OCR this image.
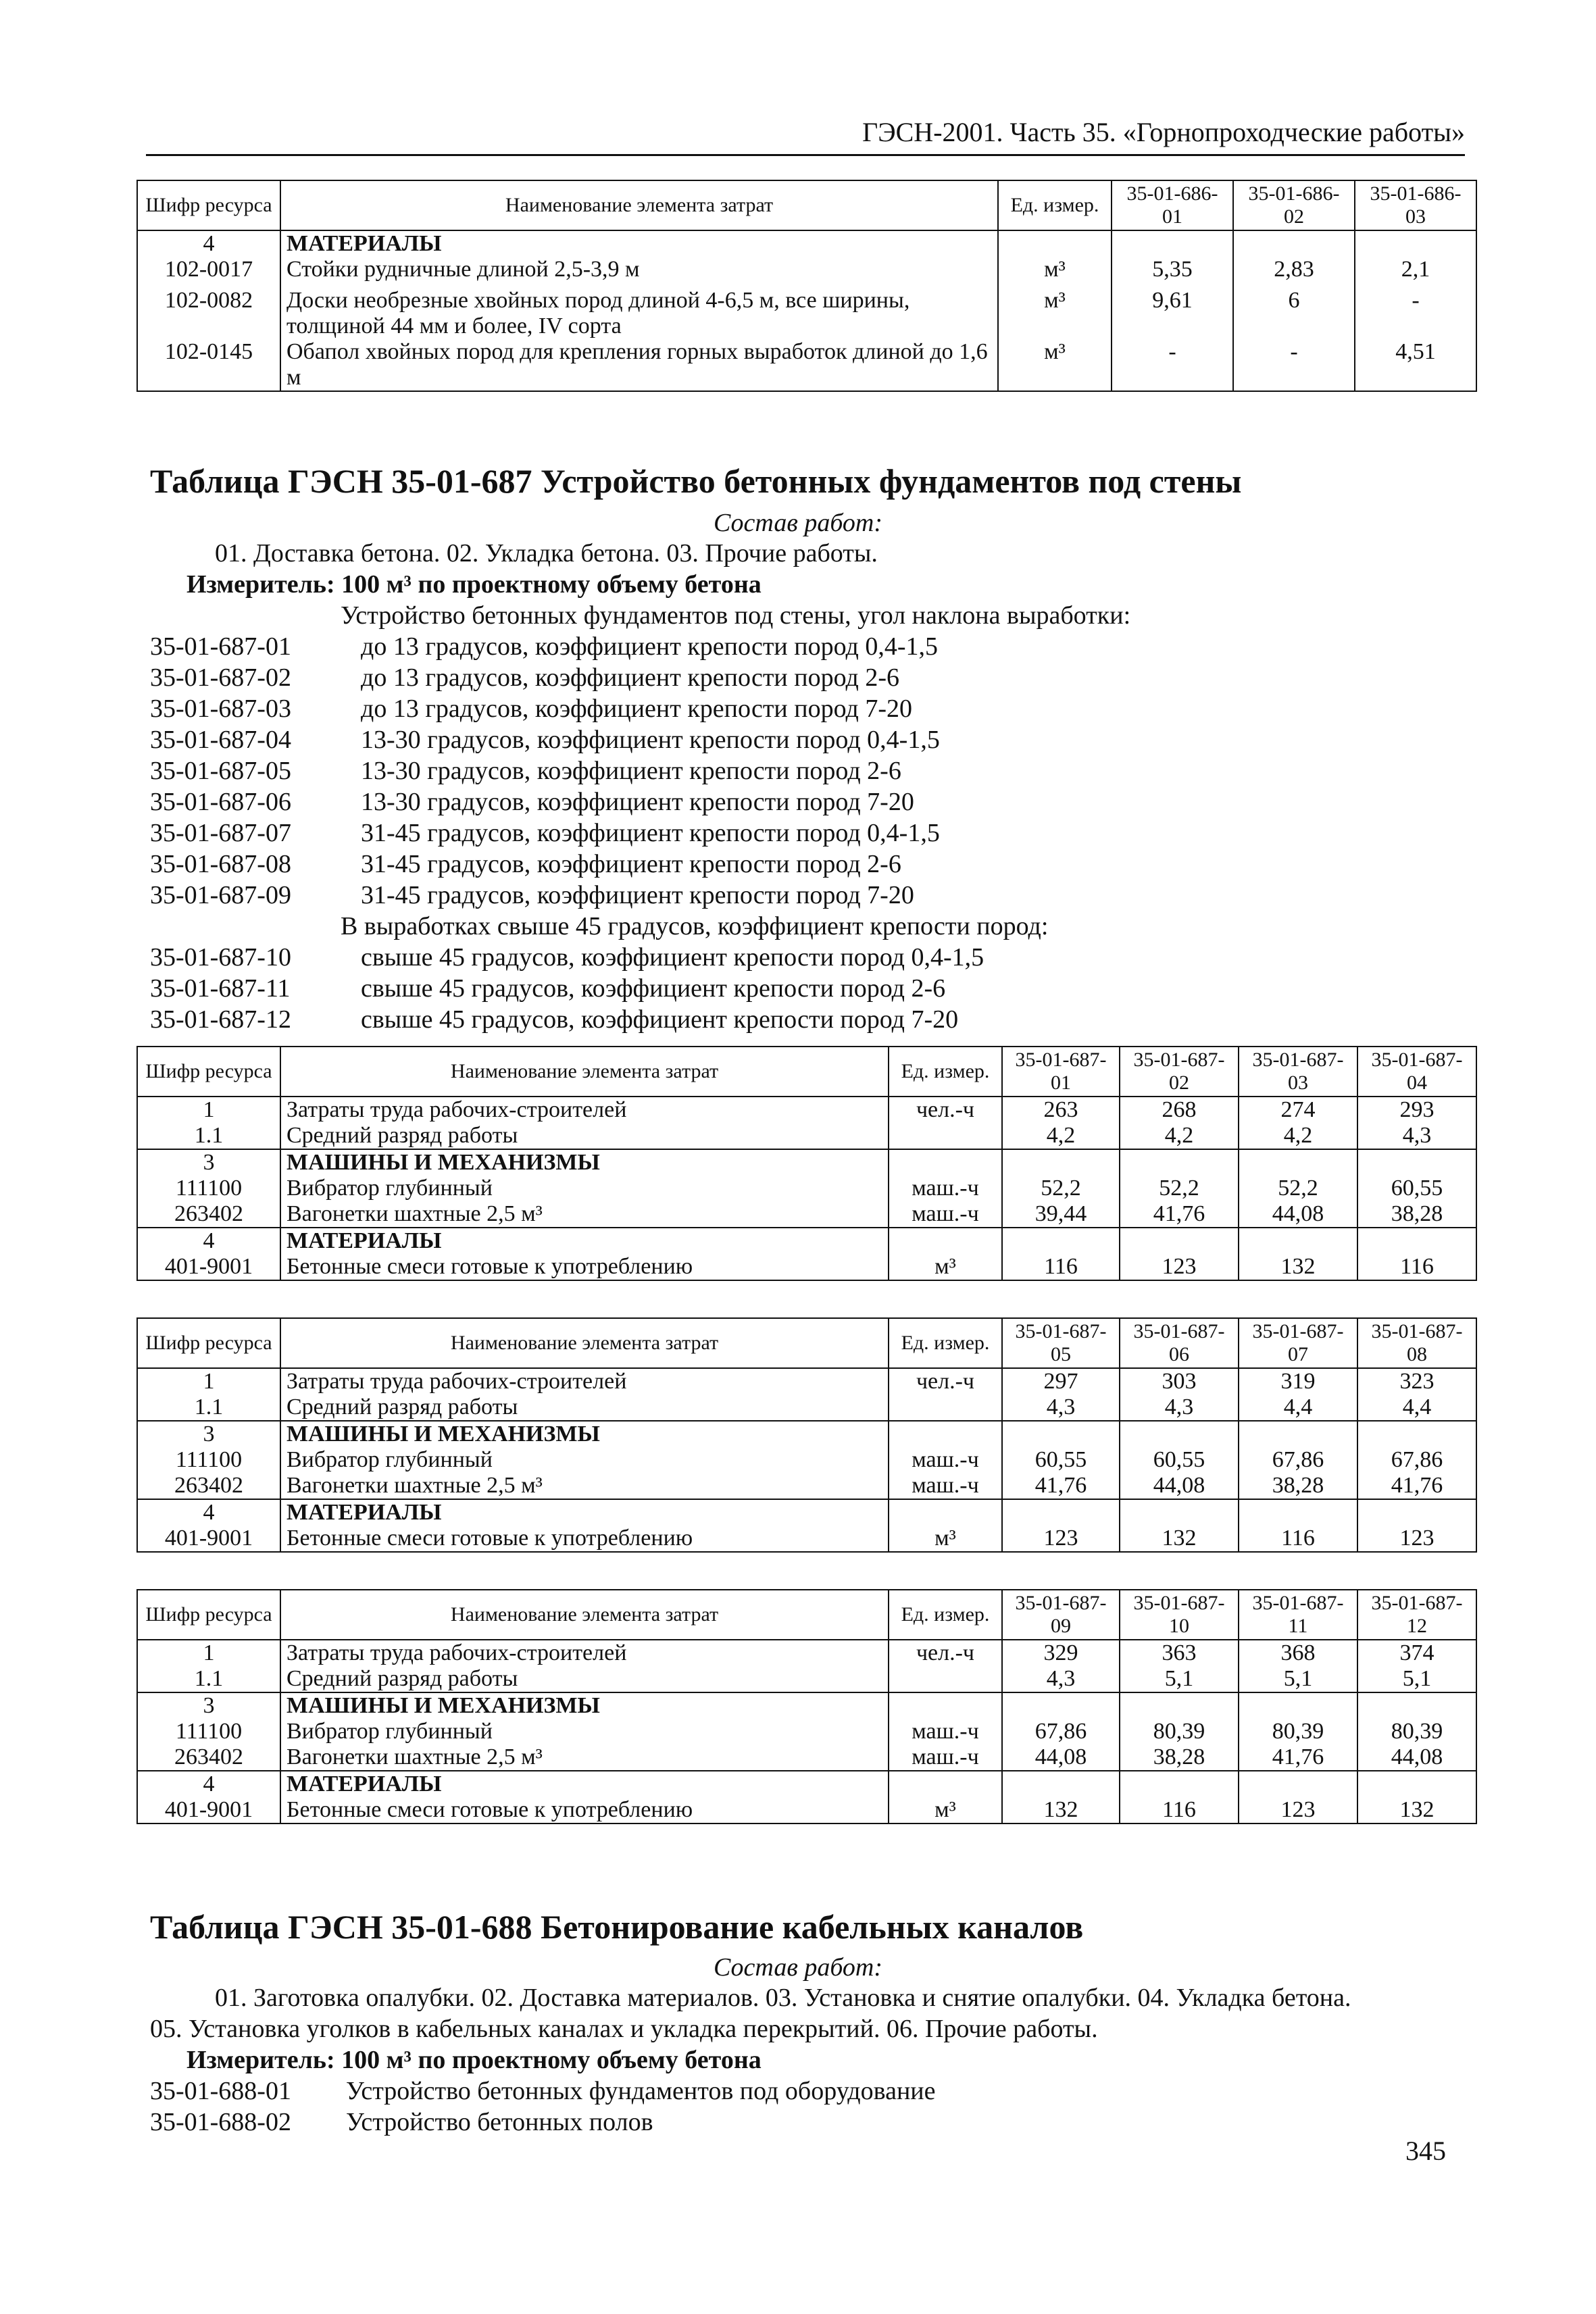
ГЭСН-2001. Часть 35. «Горнопроходческие работы»
Шифр ресурса	Наименование элемента затрат	Ед. измер.	35-01-686-01	35-01-686-02	35-01-686-03
4	МАТЕРИАЛЫ				
102-0017	Стойки рудничные длиной 2,5-3,9 м	м³	5,35	2,83	2,1
102-0082	Доски необрезные хвойных пород длиной 4-6,5 м, все ширины, толщиной 44 мм и более, IV сорта	м³	9,61	6	-
102-0145	Обапол хвойных пород для крепления горных выработок длиной до 1,6 м	м³	-	-	4,51
Таблица ГЭСН 35-01-687 Устройство бетонных фундаментов под стены
Состав работ:
01. Доставка бетона. 02. Укладка бетона. 03. Прочие работы.
Измеритель: 100 м³ по проектному объему бетона
Устройство бетонных фундаментов под стены, угол наклона выработки:
35-01-687-01	до 13 градусов, коэффициент крепости пород 0,4-1,5
35-01-687-02	до 13 градусов, коэффициент крепости пород 2-6
35-01-687-03	до 13 градусов, коэффициент крепости пород 7-20
35-01-687-04	13-30 градусов, коэффициент крепости пород 0,4-1,5
35-01-687-05	13-30 градусов, коэффициент крепости пород 2-6
35-01-687-06	13-30 градусов, коэффициент крепости пород 7-20
35-01-687-07	31-45 градусов, коэффициент крепости пород 0,4-1,5
35-01-687-08	31-45 градусов, коэффициент крепости пород 2-6
35-01-687-09	31-45 градусов, коэффициент крепости пород 7-20
В выработках свыше 45 градусов, коэффициент крепости пород:
35-01-687-10	свыше 45 градусов, коэффициент крепости пород 0,4-1,5
35-01-687-11	свыше 45 градусов, коэффициент крепости пород 2-6
35-01-687-12	свыше 45 градусов, коэффициент крепости пород 7-20
Шифр ресурса	Наименование элемента затрат	Ед. измер.	35-01-687-01	35-01-687-02	35-01-687-03	35-01-687-04
1	Затраты труда рабочих-строителей	чел.-ч	263	268	274	293
1.1	Средний разряд работы		4,2	4,2	4,2	4,3
3	МАШИНЫ И МЕХАНИЗМЫ					
111100	Вибратор глубинный	маш.-ч	52,2	52,2	52,2	60,55
263402	Вагонетки шахтные 2,5 м³	маш.-ч	39,44	41,76	44,08	38,28
4	МАТЕРИАЛЫ					
401-9001	Бетонные смеси готовые к употреблению	м³	116	123	132	116
Шифр ресурса	Наименование элемента затрат	Ед. измер.	35-01-687-05	35-01-687-06	35-01-687-07	35-01-687-08
1	Затраты труда рабочих-строителей	чел.-ч	297	303	319	323
1.1	Средний разряд работы		4,3	4,3	4,4	4,4
3	МАШИНЫ И МЕХАНИЗМЫ					
111100	Вибратор глубинный	маш.-ч	60,55	60,55	67,86	67,86
263402	Вагонетки шахтные 2,5 м³	маш.-ч	41,76	44,08	38,28	41,76
4	МАТЕРИАЛЫ					
401-9001	Бетонные смеси готовые к употреблению	м³	123	132	116	123
Шифр ресурса	Наименование элемента затрат	Ед. измер.	35-01-687-09	35-01-687-10	35-01-687-11	35-01-687-12
1	Затраты труда рабочих-строителей	чел.-ч	329	363	368	374
1.1	Средний разряд работы		4,3	5,1	5,1	5,1
3	МАШИНЫ И МЕХАНИЗМЫ					
111100	Вибратор глубинный	маш.-ч	67,86	80,39	80,39	80,39
263402	Вагонетки шахтные 2,5 м³	маш.-ч	44,08	38,28	41,76	44,08
4	МАТЕРИАЛЫ					
401-9001	Бетонные смеси готовые к употреблению	м³	132	116	123	132
Таблица ГЭСН 35-01-688 Бетонирование кабельных каналов
Состав работ:
01. Заготовка опалубки. 02. Доставка материалов. 03. Установка и снятие опалубки. 04. Укладка бетона.
05. Установка уголков в кабельных каналах и укладка перекрытий. 06. Прочие работы.
Измеритель: 100 м³ по проектному объему бетона
35-01-688-01 Устройство бетонных фундаментов под оборудование
35-01-688-02 Устройство бетонных полов
345
